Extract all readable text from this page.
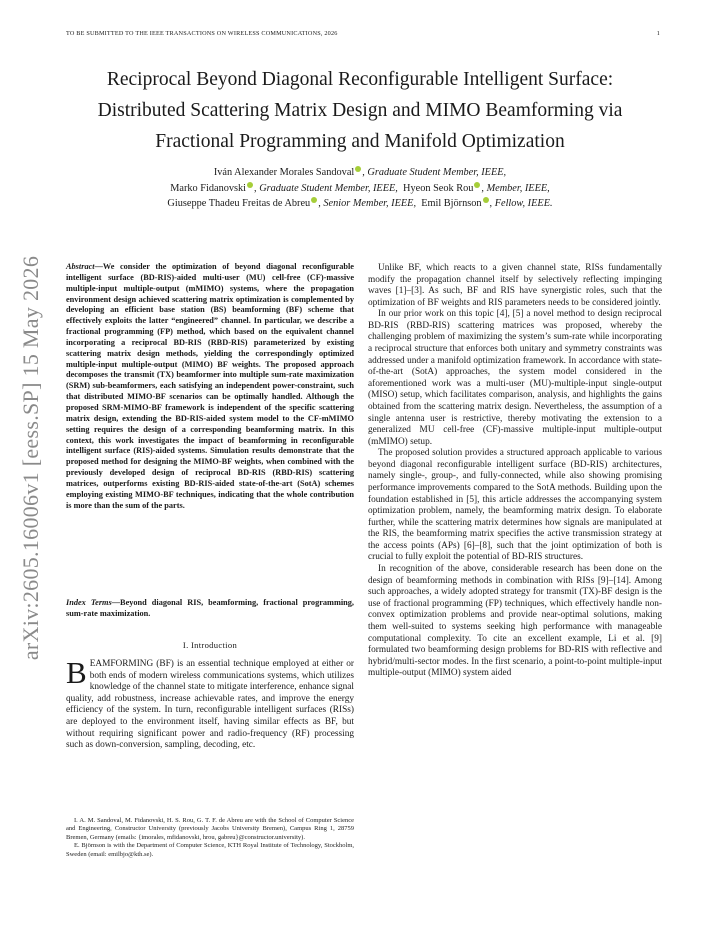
TO BE SUBMITTED TO THE IEEE TRANSACTIONS ON WIRELESS COMMUNICATIONS, 2026	1
Reciprocal Beyond Diagonal Reconfigurable Intelligent Surface:
Distributed Scattering Matrix Design and MIMO Beamforming via
Fractional Programming and Manifold Optimization
Iván Alexander Morales Sandoval , Graduate Student Member, IEEE,
Marko Fidanovski , Graduate Student Member, IEEE, Hyeon Seok Rou , Member, IEEE,
Giuseppe Thadeu Freitas de Abreu , Senior Member, IEEE, Emil Björnson , Fellow, IEEE.
arXiv:2605.16006v1 [eess.SP] 15 May 2026	Abstract—We consider the optimization of beyond diagonal reconfigurable intelligent surface (BD-RIS)-aided multi-user (MU) cell-free (CF)-massive multiple-input multiple-output (mMIMO) systems, where the propagation environment design achieved scattering matrix optimization is complemented by developing an efficient base station (BS) beamforming (BF) scheme that effectively exploits the latter “engineered” channel. In particular, we describe a fractional programming (FP) method, which based on the equivalent channel incorporating a reciprocal BD-RIS (RBD-RIS) parameterized by existing scattering matrix design methods, yielding the correspondingly optimized multiple-input multiple-output (MIMO) BF weights. The proposed approach decomposes the transmit (TX) beamformer into multiple sum-rate maximization (SRM) sub-beamformers, each satisfying an independent power-constraint, such that distributed MIMO-BF scenarios can be optimally handled. Although the proposed SRM-MIMO-BF framework is independent of the specific scattering matrix design, extending the BD-RIS-aided system model to the CF-mMIMO setting requires the design of a corresponding beamforming matrix. In this context, this work investigates the impact of beamforming in reconfigurable intelligent surface (RIS)-aided systems. Simulation results demonstrate that the proposed method for designing the MIMO-BF weights, when combined with the previously developed design of reciprocal BD-RIS (RBD-RIS) scattering matrices, outperforms existing BD-RIS-aided state-of-the-art (SotA) schemes employing existing MIMO-BF techniques, indicating that the whole contribution is more than the sum of the parts.
Index Terms—Beyond diagonal RIS, beamforming, fractional programming, sum-rate maximization.
I. Introduction
BEAMFORMING (BF) is an essential technique employed at either or both ends of modern wireless communications systems, which utilizes knowledge of the channel state to mitigate interference, enhance signal quality, add robustness, increase achievable rates, and improve the energy efficiency of the system. In turn, reconfigurable intelligent surfaces (RISs) are deployed to the environment itself, having similar effects as BF, but without requiring significant power and radio-frequency (RF) processing such as down-conversion, sampling, decoding, etc.

I. A. M. Sandoval, M. Fidanovski, H. S. Rou, G. T. F. de Abreu are with the School of Computer Science and Engineering, Constructor University (previously Jacobs University Bremen), Campus Ring 1, 28759 Bremen, Germany (emails: {imorales, mfidanovski, hrou, gabreu}@constructor.university).

E. Björnson is with the Department of Computer Science, KTH Royal Institute of Technology, Stockholm, Sweden (email: emilbjo@kth.se).

Unlike BF, which reacts to a given channel state, RISs fundamentally modify the propagation channel itself by selectively reflecting impinging waves [1]–[3]. As such, BF and RIS have synergistic roles, such that the optimization of BF weights and RIS parameters needs to be considered jointly.

In our prior work on this topic [4], [5] a novel method to design reciprocal BD-RIS (RBD-RIS) scattering matrices was proposed, whereby the challenging problem of maximizing the system’s sum-rate while incorporating a reciprocal structure that enforces both unitary and symmetry constraints was addressed under a manifold optimization framework. In accordance with state-of-the-art (SotA) approaches, the system model considered in the aforementioned work was a multi-user (MU)-multiple-input single-output (MISO) setup, which facilitates comparison, analysis, and highlights the gains obtained from the scattering matrix design. Nevertheless, the assumption of a single antenna user is restrictive, thereby motivating the extension to a generalized MU cell-free (CF)-massive multiple-input multiple-output (mMIMO) setup.

The proposed solution provides a structured approach applicable to various beyond diagonal reconfigurable intelligent surface (BD-RIS) architectures, namely single-, group-, and fully-connected, while also showing promising performance improvements compared to the SotA methods. Building upon the foundation established in [5], this article addresses the accompanying system optimization problem, namely, the beamforming matrix design. To elaborate further, while the scattering matrix determines how signals are manipulated at the RIS, the beamforming matrix specifies the active transmission strategy at the access points (APs) [6]–[8], such that the joint optimization of both is crucial to fully exploit the potential of BD-RIS structures.

In recognition of the above, considerable research has been done on the design of beamforming methods in combination with RISs [9]–[14]. Among such approaches, a widely adopted strategy for transmit (TX)-BF design is the use of fractional programming (FP) techniques, which effectively handle non-convex optimization problems and provide near-optimal solutions, making them well-suited to systems seeking high performance with manageable computational complexity. To cite an excellent example, Li et al. [9] formulated two beamforming design problems for BD-RIS with reflective and hybrid/multi-sector modes. In the first scenario, a point-to-point multiple-input multiple-output (MIMO) system aided
